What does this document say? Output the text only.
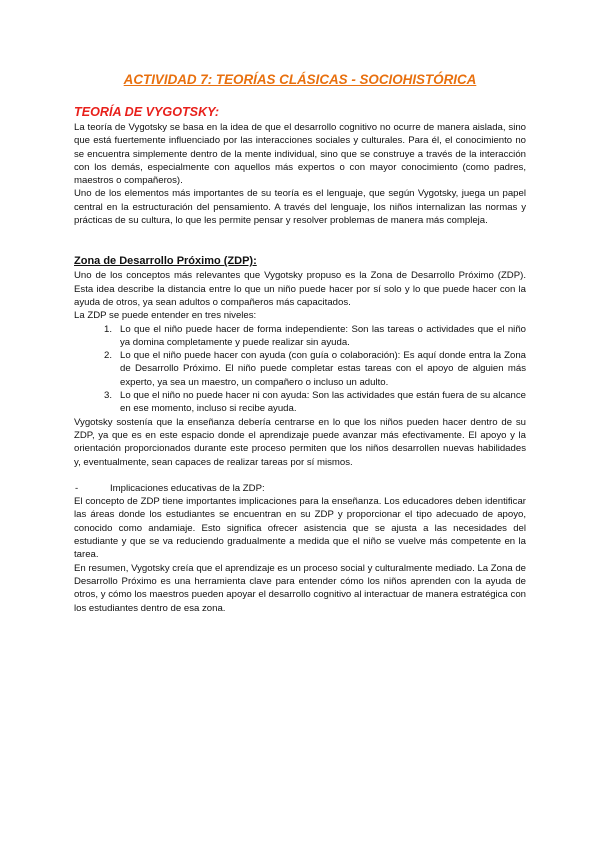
ACTIVIDAD 7: TEORÍAS CLÁSICAS - SOCIOHISTÓRICA
TEORÍA DE VYGOTSKY:

La teoría de Vygotsky se basa en la idea de que el desarrollo cognitivo no ocurre de manera aislada, sino que está fuertemente influenciado por las interacciones sociales y culturales. Para él, el conocimiento no se encuentra simplemente dentro de la mente individual, sino que se construye a través de la interacción con los demás, especialmente con aquellos más expertos o con mayor conocimiento (como padres, maestros o compañeros).

Uno de los elementos más importantes de su teoría es el lenguaje, que según Vygotsky, juega un papel central en la estructuración del pensamiento. A través del lenguaje, los niños internalizan las normas y prácticas de su cultura, lo que les permite pensar y resolver problemas de manera más compleja.

Zona de Desarrollo Próximo (ZDP):

Uno de los conceptos más relevantes que Vygotsky propuso es la Zona de Desarrollo Próximo (ZDP). Esta idea describe la distancia entre lo que un niño puede hacer por sí solo y lo que puede hacer con la ayuda de otros, ya sean adultos o compañeros más capacitados.

La ZDP se puede entender en tres niveles:

1. Lo que el niño puede hacer de forma independiente: Son las tareas o actividades que el niño ya domina completamente y puede realizar sin ayuda.
2. Lo que el niño puede hacer con ayuda (con guía o colaboración): Es aquí donde entra la Zona de Desarrollo Próximo. El niño puede completar estas tareas con el apoyo de alguien más experto, ya sea un maestro, un compañero o incluso un adulto.
3. Lo que el niño no puede hacer ni con ayuda: Son las actividades que están fuera de su alcance en ese momento, incluso si recibe ayuda.

Vygotsky sostenía que la enseñanza debería centrarse en lo que los niños pueden hacer dentro de su ZDP, ya que es en este espacio donde el aprendizaje puede avanzar más efectivamente. El apoyo y la orientación proporcionados durante este proceso permiten que los niños desarrollen nuevas habilidades y, eventualmente, sean capaces de realizar tareas por sí mismos.

-	Implicaciones educativas de la ZDP:

El concepto de ZDP tiene importantes implicaciones para la enseñanza. Los educadores deben identificar las áreas donde los estudiantes se encuentran en su ZDP y proporcionar el tipo adecuado de apoyo, conocido como andamiaje. Esto significa ofrecer asistencia que se ajusta a las necesidades del estudiante y que se va reduciendo gradualmente a medida que el niño se vuelve más competente en la tarea.

En resumen, Vygotsky creía que el aprendizaje es un proceso social y culturalmente mediado. La Zona de Desarrollo Próximo es una herramienta clave para entender cómo los niños aprenden con la ayuda de otros, y cómo los maestros pueden apoyar el desarrollo cognitivo al interactuar de manera estratégica con los estudiantes dentro de esa zona.
